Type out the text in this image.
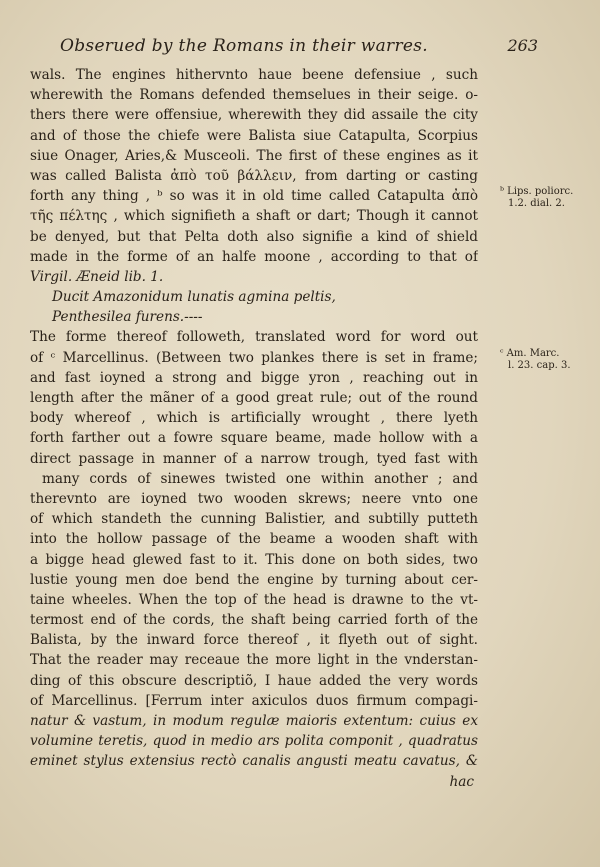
Obserued by the Romans in their warres.	263
wals. The engines hithervnto haue beene defensiue , such
wherewith the Romans defended themselues in their seige. o-
thers there were offensiue, wherewith they did assaile the city
and of those the chiefe were Balista siue Catapulta, Scorpius
siue Onager, Aries,& Musceoli. The first of these engines as it
was called Balista ἀπὸ τοῦ βάλλειν, from darting or casting
forth any thing , ᵇ so was it in old time called Catapulta ἀπὸ
τῆς πέλτης , which signifieth a shaft or dart; Though it cannot
be denyed, but that Pelta doth also signifie a kind of shield
made in the forme of an halfe moone , according to that of
Virgil. Æneid lib. 1.
Ducit Amazonidum lunatis agmina peltis,
Penthesilea furens.----
The forme thereof followeth, translated word for word out
of ᶜ Marcellinus. (Between two plankes there is set in frame;
and fast ioyned a strong and bigge yron , reaching out in
length after the mãner of a good great rule; out of the round
body whereof , which is artificially wrought , there lyeth
forth farther out a fowre square beame, made hollow with a
direct passage in manner of a narrow trough, tyed fast with
many cords of sinewes twisted one within another ; and
therevnto are ioyned two wooden skrews; neere vnto one
of which standeth the cunning Balistier, and subtilly putteth
into the hollow passage of the beame a wooden shaft with
a bigge head glewed fast to it. This done on both sides, two
lustie young men doe bend the engine by turning about cer-
taine wheeles. When the top of the head is drawne to the vt-
termost end of the cords, the shaft being carried forth of the
Balista, by the inward force thereof , it flyeth out of sight.
That the reader may receaue the more light in the vnderstan-
ding of this obscure descriptiõ, I haue added the very words
of Marcellinus. [Ferrum inter axiculos duos firmum compagi-
natur & vastum, in modum regulæ maioris extentum: cuius ex
volumine teretis, quod in medio ars polita componit , quadratus
eminet stylus extensius rectò canalis angusti meatu cavatus, &
hac
ᵇ Lips. poliorc.
1.2. dial. 2.
ᶜ Am. Marc.
l. 23. cap. 3.
